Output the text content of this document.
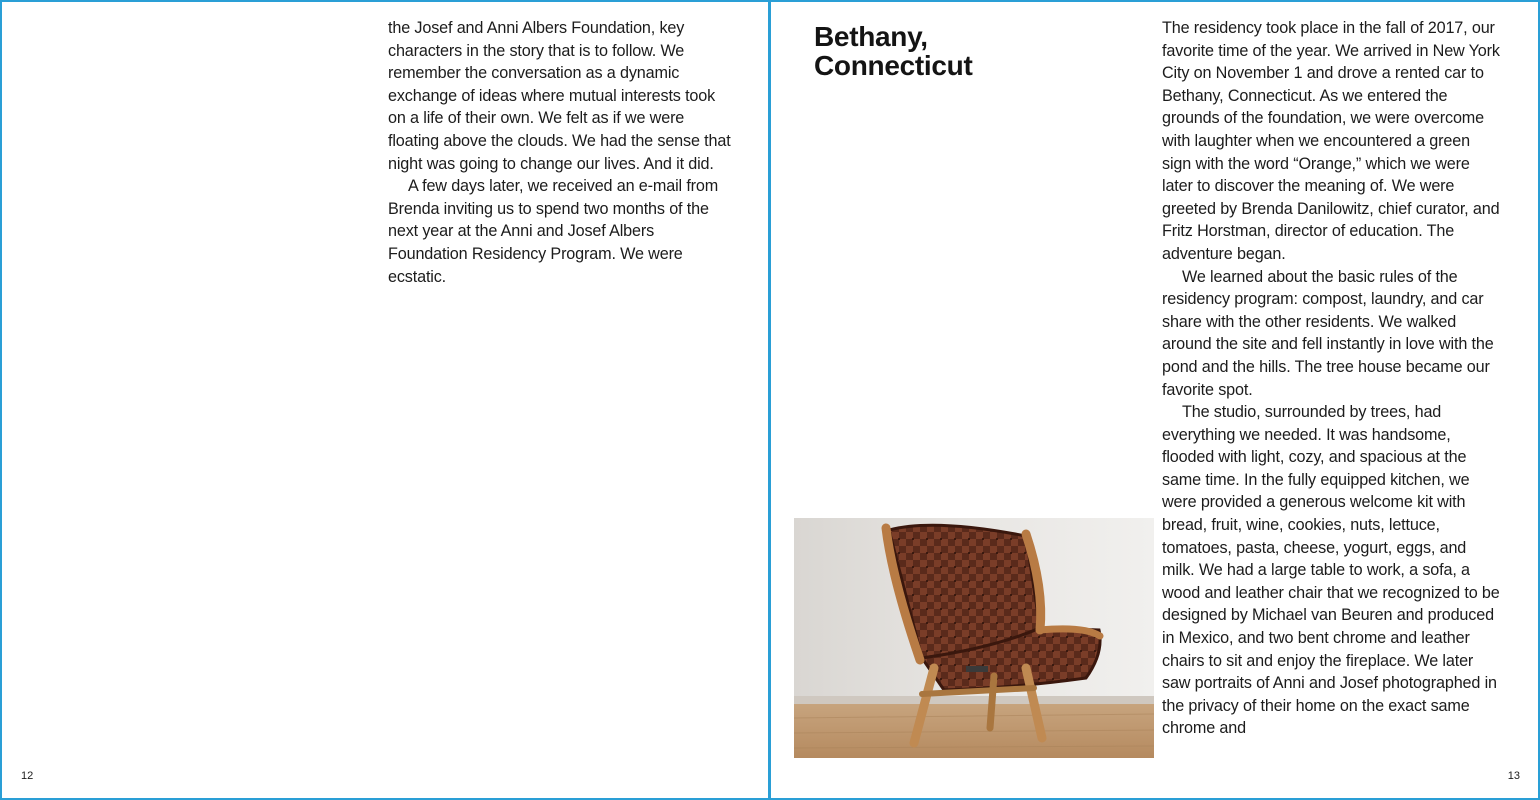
the Josef and Anni Albers Foundation, key characters in the story that is to follow. We remember the conversation as a dynamic exchange of ideas where mutual interests took on a life of their own. We felt as if we were floating above the clouds. We had the sense that night was going to change our lives. And it did.

A few days later, we received an e-mail from Brenda inviting us to spend two months of the next year at the Anni and Josef Albers Foundation Residency Program. We were ecstatic.

12
Bethany,
Connecticut

The residency took place in the fall of 2017, our favorite time of the year. We arrived in New York City on November 1 and drove a rented car to Bethany, Connecticut. As we entered the grounds of the foundation, we were overcome with laughter when we encountered a green sign with the word “Orange,” which we were later to discover the meaning of. We were greeted by Brenda Danilowitz, chief curator, and Fritz Horstman, director of education. The adventure began.

We learned about the basic rules of the residency program: compost, laundry, and car share with the other residents. We walked around the site and fell instantly in love with the pond and the hills. The tree house became our favorite spot.

The studio, surrounded by trees, had everything we needed. It was handsome, flooded with light, cozy, and spacious at the same time. In the fully equipped kitchen, we were provided a generous welcome kit with bread, fruit, wine, cookies, nuts, lettuce, tomatoes, pasta, cheese, yogurt, eggs, and milk. We had a large table to work, a sofa, a wood and leather chair that we recognized to be designed by Michael van Beuren and produced in Mexico, and two bent chrome and leather chairs to sit and enjoy the fireplace. We later saw portraits of Anni and Josef photographed in the privacy of their home on the exact same chrome and

13
